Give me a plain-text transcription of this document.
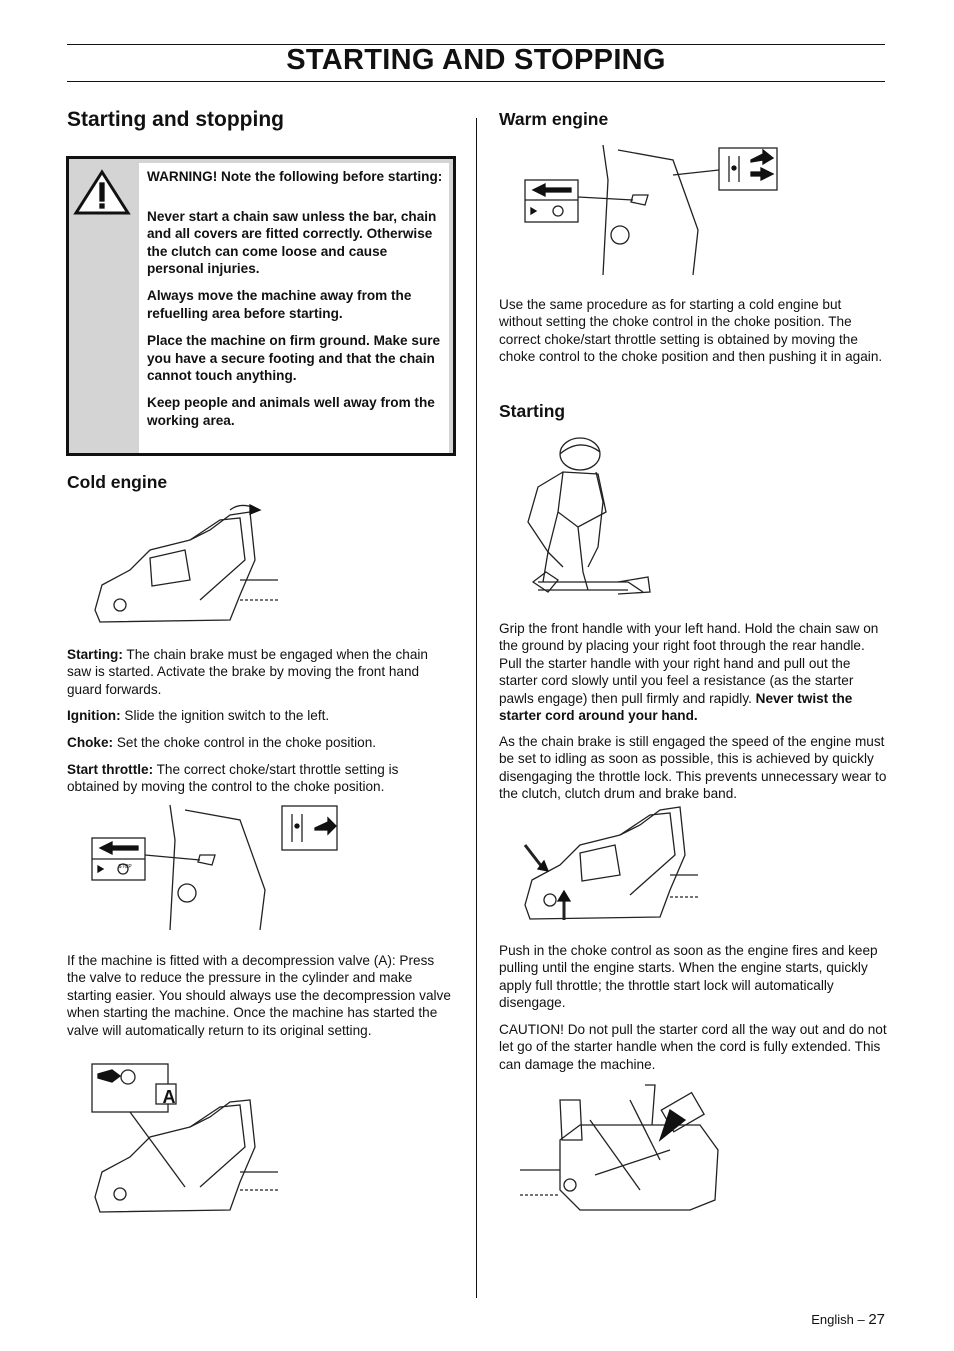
STARTING AND STOPPING
Starting and stopping

WARNING! Note the following before starting:

Never start a chain saw unless the bar, chain and all covers are fitted correctly. Otherwise the clutch can come loose and cause personal injuries.

Always move the machine away from the refuelling area before starting.

Place the machine on firm ground. Make sure you have a secure footing and that the chain cannot touch anything.

Keep people and animals well away from the working area.

Cold engine

Starting: The chain brake must be engaged when the chain saw is started. Activate the brake by moving the front hand guard forwards.

Ignition: Slide the ignition switch to the left.

Choke: Set the choke control in the choke position.

Start throttle: The correct choke/start throttle setting is obtained by moving the control to the choke position.

If the machine is fitted with a decompression valve (A): Press the valve to reduce the pressure in the cylinder and make starting easier. You should always use the decompression valve when starting the machine. Once the machine has started the valve will automatically return to its original setting.

A
Warm engine

Use the same procedure as for starting a cold engine but without setting the choke control in the choke position. The correct choke/start throttle setting is obtained by moving the choke control to the choke position and then pushing it in again.

Starting

Grip the front handle with your left hand. Hold the chain saw on the ground by placing your right foot through the rear handle. Pull the starter handle with your right hand and pull out the starter cord slowly until you feel a resistance (as the starter pawls engage) then pull firmly and rapidly. Never twist the starter cord around your hand.

As the chain brake is still engaged the speed of the engine must be set to idling as soon as possible, this is achieved by quickly disengaging the throttle lock. This prevents unnecessary wear to the clutch, clutch drum and brake band.

Push in the choke control as soon as the engine fires and keep pulling until the engine starts. When the engine starts, quickly apply full throttle; the throttle start lock will automatically disengage.

CAUTION! Do not pull the starter cord all the way out and do not let go of the starter handle when the cord is fully extended. This can damage the machine.

English – 27
STOP
